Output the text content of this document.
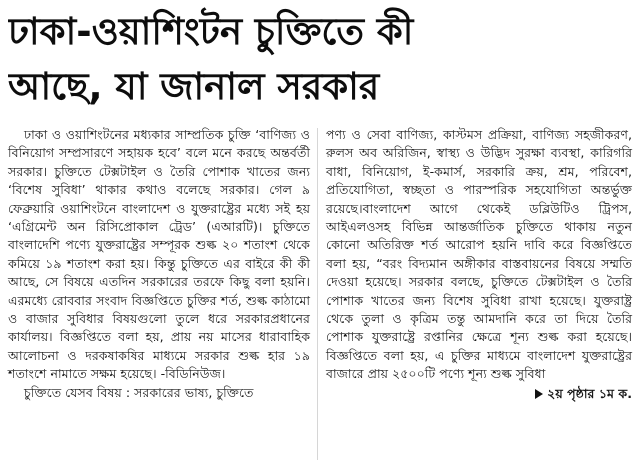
ঢাকা-ওয়াশিংটন চুক্তিতে কী
আছে, যা জানাল সরকার

ঢাকা ও ওয়াশিংটনের মধ্যকার সাম্প্রতিক চুক্তি ‘বাণিজ্য ও বিনিয়োগ সম্প্রসারণে সহায়ক হবে’ বলে মনে করছে অন্তর্বর্তী সরকার। চুক্তিতে টেক্সটাইল ও তৈরি পোশাক খাতের জন্য ‘বিশেষ সুবিধা’ থাকার কথাও বলেছে সরকার। গেল ৯ ফেব্রুয়ারি ওয়াশিংটনে বাংলাদেশ ও যুক্তরাষ্ট্রের মধ্যে সই হয় ‘এগ্রিমেন্ট অন রিসিপ্রোকাল ট্রেড’ (এআরটি)। চুক্তিতে বাংলাদেশি পণ্যে যুক্তরাষ্ট্রের সম্পূরক শুল্ক ২০ শতাংশ থেকে কমিয়ে ১৯ শতাংশ করা হয়। কিন্তু চুক্তিতে এর বাইরে কী কী আছে, সে বিষয়ে এতদিন সরকারের তরফে কিছু বলা হয়নি। এরমধ্যে রোববার সংবাদ বিজ্ঞপ্তিতে চুক্তির শর্ত, শুল্ক কাঠামো ও বাজার সুবিধার বিষয়গুলো তুলে ধরে সরকারপ্রধানের কার্যালয়। বিজ্ঞপ্তিতে বলা হয়, প্রায় নয় মাসের ধারাবাহিক আলোচনা ও দরকষাকষির মাধ্যমে সরকার শুল্ক হার ১৯ শতাংশে নামাতে সক্ষম হয়েছে। -বিডিনিউজ।

চুক্তিতে যেসব বিষয় : সরকারের ভাষ্য, চুক্তিতে

পণ্য ও সেবা বাণিজ্য, কাস্টমস প্রক্রিয়া, বাণিজ্য সহজীকরণ, রুলস অব অরিজিন, স্বাস্থ্য ও উদ্ভিদ সুরক্ষা ব্যবস্থা, কারিগরি বাধা, বিনিয়োগ, ই-কমার্স, সরকারি ক্রয়, শ্রম, পরিবেশ, প্রতিযোগিতা, স্বচ্ছতা ও পারস্পরিক সহযোগিতা অন্তর্ভুক্ত রয়েছে।বাংলাদেশ আগে থেকেই ডব্লিউটিও ট্রিপস, আইএলওসহ বিভিন্ন আন্তর্জাতিক চুক্তিতে থাকায় নতুন কোনো অতিরিক্ত শর্ত আরোপ হয়নি দাবি করে বিজ্ঞপ্তিতে বলা হয়, “বরং বিদ্যমান অঙ্গীকার বাস্তবায়নের বিষয়ে সম্মতি দেওয়া হয়েছে। সরকার বলছে, চুক্তিতে টেক্সটাইল ও তৈরি পোশাক খাতের জন্য বিশেষ সুবিধা রাখা হয়েছে। যুক্তরাষ্ট্র থেকে তুলা ও কৃত্রিম তন্তু আমদানি করে তা দিয়ে তৈরি পোশাক যুক্তরাষ্ট্রে রপ্তানির ক্ষেত্রে শূন্য শুল্ক করা হয়েছে। বিজ্ঞপ্তিতে বলা হয়, এ চুক্তির মাধ্যমে বাংলাদেশ যুক্তরাষ্ট্রের বাজারে প্রায় ২৫০০টি পণ্যে শূন্য শুল্ক সুবিধা

২য় পৃষ্ঠার ১ম ক.
